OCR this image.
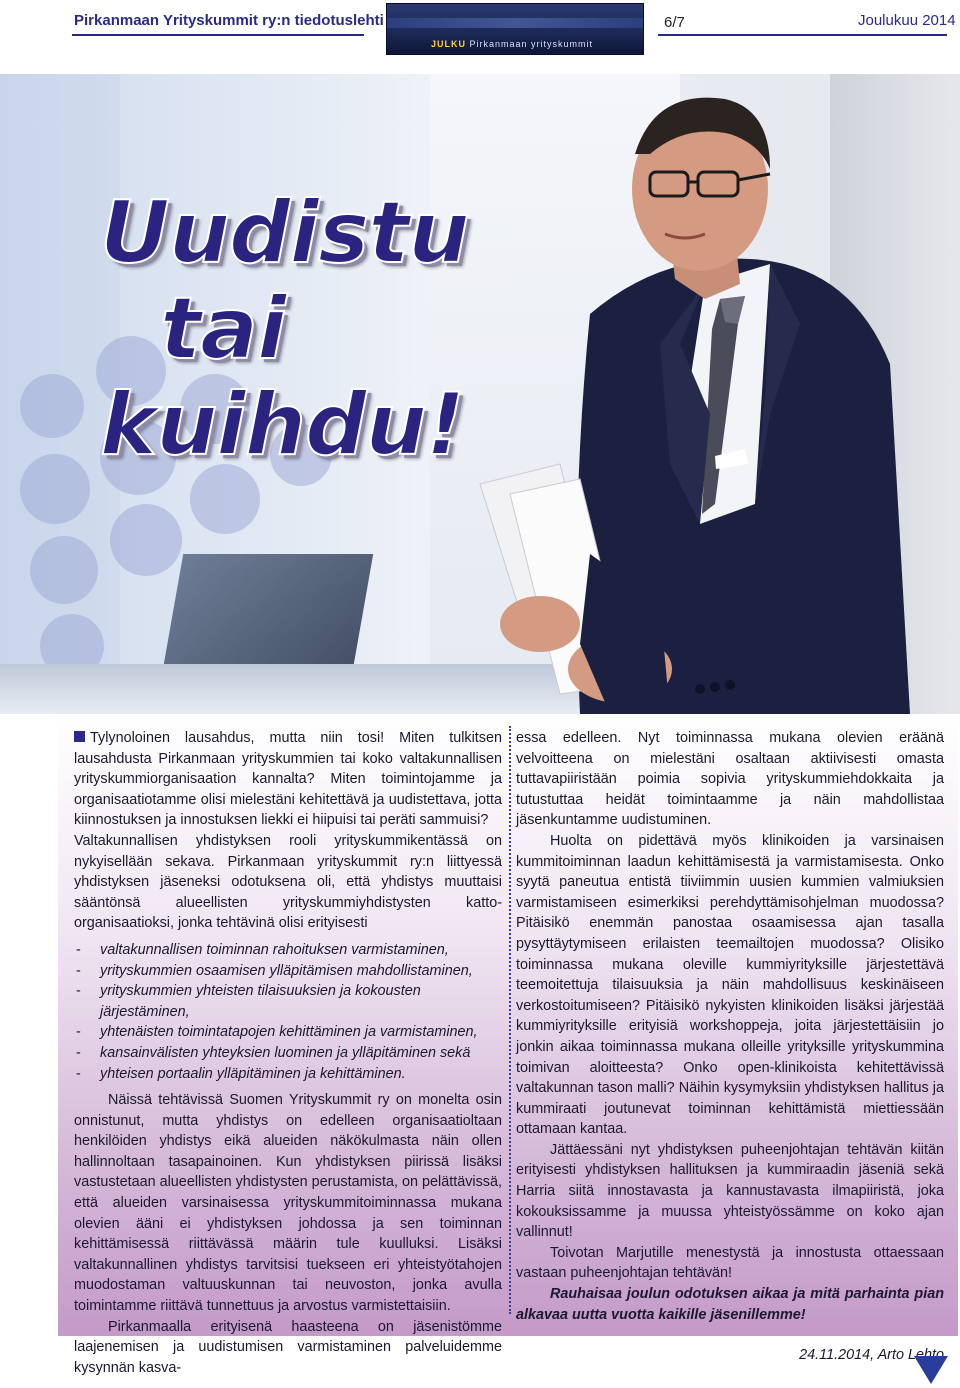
Pirkanmaan Yrityskummit ry:n tiedotuslehti
JULKU Pirkanmaan yrityskummit
6/7	Joulukuu 2014
Uudistu
tai
kuihdu!

Tylynoloinen lausahdus, mutta niin tosi! Miten tulkitsen lausahdusta Pirkanmaan yrityskummien tai koko valtakunnallisen yrityskummiorganisaation kannalta? Miten toimintojamme ja organisaatiotamme olisi mielestäni kehitettävä ja uudistettava, jotta kiinnostuksen ja innostuksen liekki ei hiipuisi tai peräti sammuisi?

Valtakunnallisen yhdistyksen rooli yrityskummikentässä on nykyisellään sekava. Pirkanmaan yrityskummit ry:n liittyessä yhdistyksen jäseneksi odotuksena oli, että yhdistys muuttaisi sääntönsä alueellisten yrityskummiyhdistysten katto-organisaatioksi, jonka tehtävinä olisi erityisesti

- valtakunnallisen toiminnan rahoituksen varmistaminen,
- yrityskummien osaamisen ylläpitämisen mahdollistaminen,
- yrityskummien yhteisten tilaisuuksien ja kokousten järjestäminen,
- yhtenäisten toimintatapojen kehittäminen ja varmistaminen,
- kansainvälisten yhteyksien luominen ja ylläpitäminen sekä
- yhteisen portaalin ylläpitäminen ja kehittäminen.

Näissä tehtävissä Suomen Yrityskummit ry on monelta osin onnistunut, mutta yhdistys on edelleen organisaatioltaan henkilöiden yhdistys eikä alueiden näkökulmasta näin ollen hallinnoltaan tasapainoinen. Kun yhdistyksen piirissä lisäksi vastustetaan alueellisten yhdistysten perustamista, on pelättävissä, että alueiden varsinaisessa yrityskummitoiminnassa mukana olevien ääni ei yhdistyksen johdossa ja sen toiminnan kehittämisessä riittävässä määrin tule kuulluksi. Lisäksi valtakunnallinen yhdistys tarvitsisi tuekseen eri yhteistyötahojen muodostaman valtuuskunnan tai neuvoston, jonka avulla toimintamme riittävä tunnettuus ja arvostus varmistettaisiin.

Pirkanmaalla erityisenä haasteena on jäsenistömme laajenemisen ja uudistumisen varmistaminen palveluidemme kysynnän kasva-

essa edelleen. Nyt toiminnassa mukana olevien eräänä velvoitteena on mielestäni osaltaan aktiivisesti omasta tuttavapiiristään poimia sopivia yrityskummiehdokkaita ja tutustuttaa heidät toimintaamme ja näin mahdollistaa jäsenkuntamme uudistuminen.

Huolta on pidettävä myös klinikoiden ja varsinaisen kummitoiminnan laadun kehittämisestä ja varmistamisesta. Onko syytä paneutua entistä tiiviimmin uusien kummien valmiuksien varmistamiseen esimerkiksi perehdyttämisohjelman muodossa? Pitäisikö enemmän panostaa osaamisessa ajan tasalla pysyttäytymiseen erilaisten teemailtojen muodossa? Olisiko toiminnassa mukana oleville kummiyrityksille järjestettävä teemoitettuja tilaisuuksia ja näin mahdollisuus keskinäiseen verkostoitumiseen? Pitäisikö nykyisten klinikoiden lisäksi järjestää kummiyrityksille erityisiä workshoppeja, joita järjestettäisiin jo jonkin aikaa toiminnassa mukana olleille yrityksille yrityskummina toimivan aloitteesta? Onko open-klinikoista kehitettävissä valtakunnan tason malli? Näihin kysymyksiin yhdistyksen hallitus ja kummiraati joutunevat toiminnan kehittämistä miettiessään ottamaan kantaa.

Jättäessäni nyt yhdistyksen puheenjohtajan tehtävän kiitän erityisesti yhdistyksen hallituksen ja kummiraadin jäseniä sekä Harria siitä innostavasta ja kannustavasta ilmapiiristä, joka kokouksissamme ja muussa yhteistyössämme on koko ajan vallinnut!

Toivotan Marjutille menestystä ja innostusta ottaessaan vastaan puheenjohtajan tehtävän!

Rauhaisaa joulun odotuksen aikaa ja mitä parhainta pian alkavaa uutta vuotta kaikille jäsenillemme!

24.11.2014, Arto Lehto
